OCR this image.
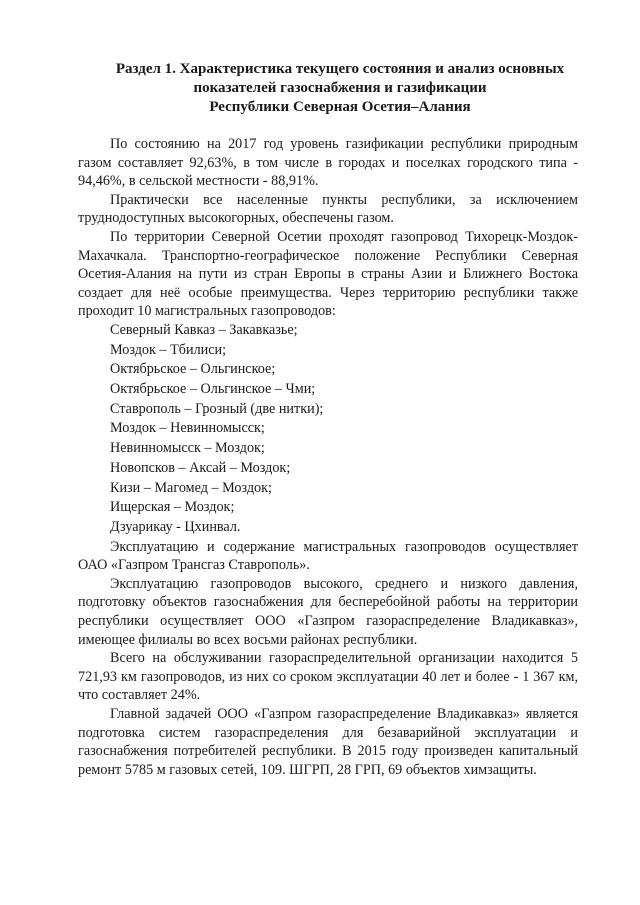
Раздел 1. Характеристика текущего состояния и анализ основных
показателей газоснабжения и газификации
Республики Северная Осетия–Алания

По состоянию на 2017 год уровень газификации республики природным газом составляет 92,63%, в том числе в городах и поселках городского типа - 94,46%, в сельской местности - 88,91%.

Практически все населенные пункты республики, за исключением труднодоступных высокогорных, обеспечены газом.

По территории Северной Осетии проходят газопровод Тихорецк-Моздок-Махачкала. Транспортно-географическое положение Республики Северная Осетия-Алания на пути из стран Европы в страны Азии и Ближнего Востока создает для неё особые преимущества. Через территорию республики также проходит 10 магистральных газопроводов:

Северный Кавказ – Закавказье;

Моздок – Тбилиси;

Октябрьское – Ольгинское;

Октябрьское – Ольгинское – Чми;

Ставрополь – Грозный (две нитки);

Моздок – Невинномысск;

Невинномысск – Моздок;

Новопсков – Аксай – Моздок;

Кизи – Магомед – Моздок;

Ищерская – Моздок;

Дзуарикау - Цхинвал.

Эксплуатацию и содержание магистральных газопроводов осуществляет ОАО «Газпром Трансгаз Ставрополь».

Эксплуатацию газопроводов высокого, среднего и низкого давления, подготовку объектов газоснабжения для бесперебойной работы на территории республики осуществляет ООО «Газпром газораспределение Владикавказ», имеющее филиалы во всех восьми районах республики.

Всего на обслуживании газораспределительной организации находится 5 721,93 км газопроводов, из них со сроком эксплуатации 40 лет и более - 1 367 км, что составляет 24%.

Главной задачей ООО «Газпром газораспределение Владикавказ» является подготовка систем газораспределения для безаварийной эксплуатации и газоснабжения потребителей республики. В 2015 году произведен капитальный ремонт 5785 м газовых сетей, 109. ШГРП, 28 ГРП, 69 объектов химзащиты.
